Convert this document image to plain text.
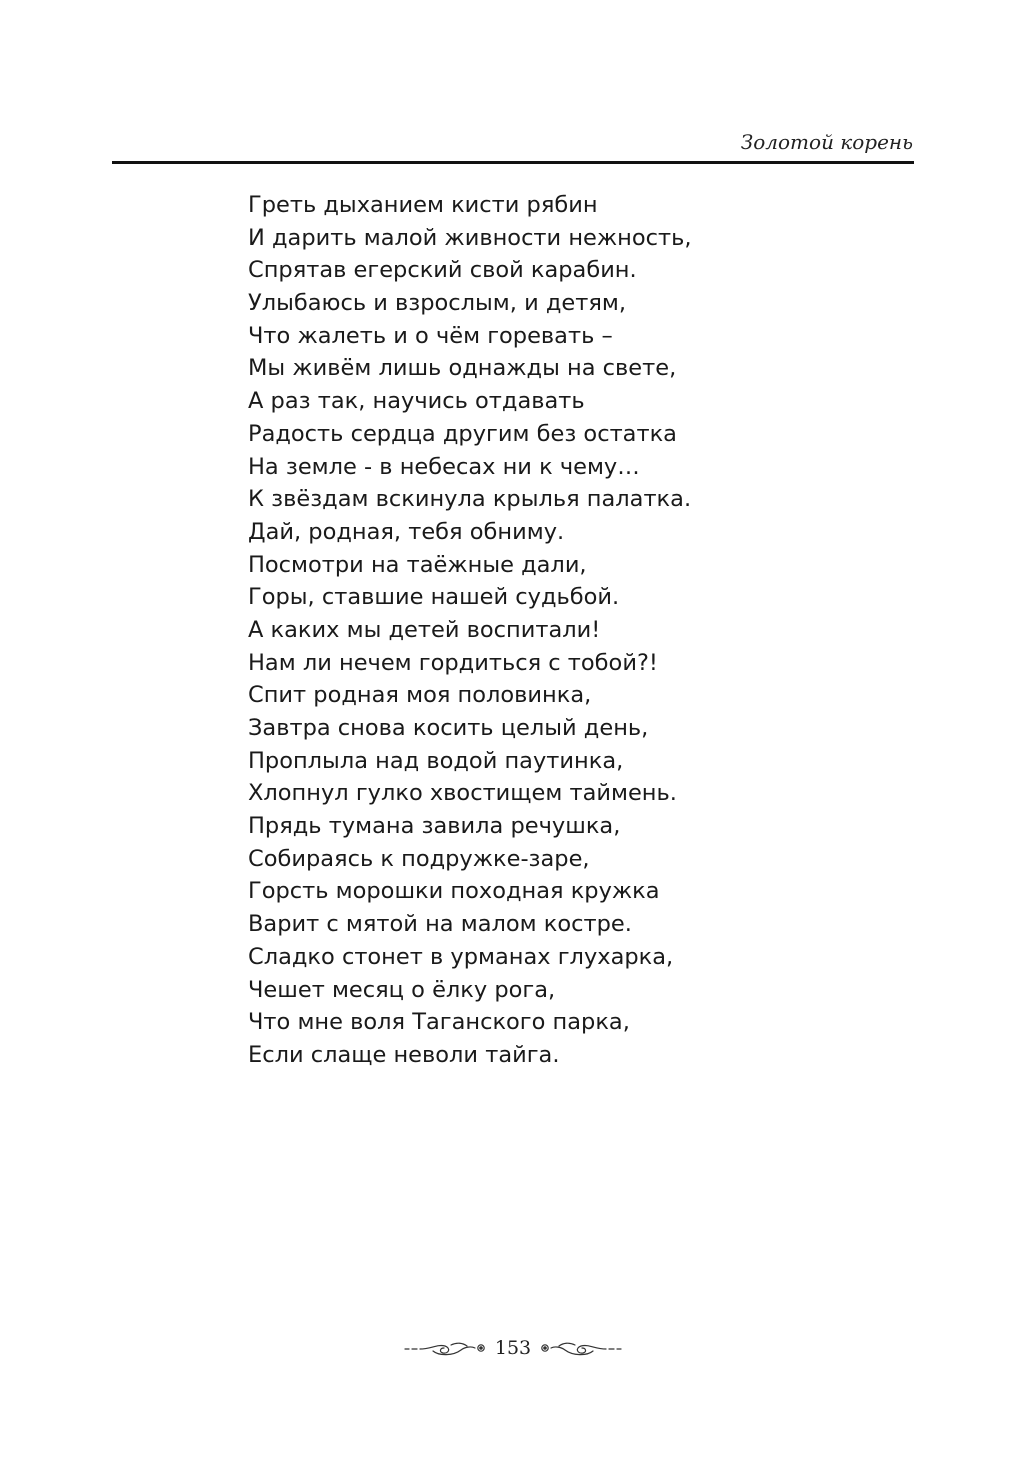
Золотой корень
Греть дыханием кисти рябин
И дарить малой живности нежность,
Спрятав егерский свой карабин.
Улыбаюсь и взрослым, и детям,
Что жалеть и о чём горевать –
Мы живём лишь однажды на свете,
А раз так, научись отдавать
Радость сердца другим без остатка
На земле - в небесах ни к чему…
К звёздам вскинула крылья палатка.
Дай, родная, тебя обниму.
Посмотри на таёжные дали,
Горы, ставшие нашей судьбой.
А каких мы детей воспитали!
Нам ли нечем гордиться с тобой?!
Спит родная моя половинка,
Завтра снова косить целый день,
Проплыла над водой паутинка,
Хлопнул гулко хвостищем таймень.
Прядь тумана завила речушка,
Собираясь к подружке-заре,
Горсть морошки походная кружка
Варит с мятой на малом костре.
Сладко стонет в урманах глухарка,
Чешет месяц о ёлку рога,
Что мне воля Таганского парка,
Если слаще неволи тайга.
153
